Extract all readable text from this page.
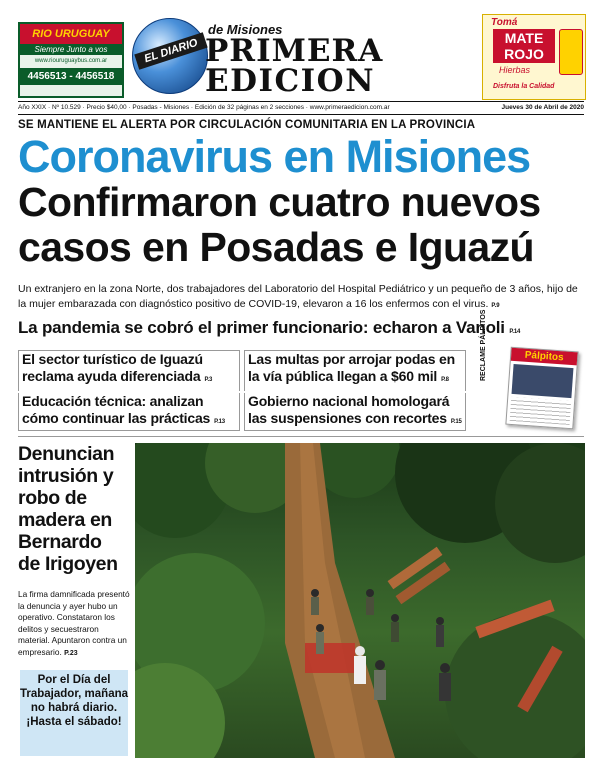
RIO URUGUAY
Siempre Junto a vos
www.riouruguaybus.com.ar
4456513 - 4456518
EL DIARIO
de Misiones
PRIMERA
EDICION
Tomá
MATE ROJO
Hierbas
Disfruta la Calidad
Año XXIX · Nº 10.529 · Precio $40,00 · Posadas - Misiones · Edición de 32 páginas en 2 secciones · www.primeraedicion.com.ar	Jueves 30 de Abril de 2020
SE MANTIENE EL ALERTA POR CIRCULACIÓN COMUNITARIA EN LA PROVINCIA
Coronavirus en Misiones
Confirmaron cuatro nuevos casos en Posadas e Iguazú
Un extranjero en la zona Norte, dos trabajadores del Laboratorio del Hospital Pediátrico y un pequeño de 3 años, hijo de la mujer embarazada con diagnóstico positivo de COVID-19, elevaron a 16 los enfermos con el virus. P.9
La pandemia se cobró el primer funcionario: echaron a Vanoli P.14
El sector turístico de Iguazú reclama ayuda diferenciada P.3
Las multas por arrojar podas en la vía pública llegan a $60 mil P.8
Educación técnica: analizan cómo continuar las prácticas P.13
Gobierno nacional homologará las suspensiones con recortes P.15
RECLAME PÁLPITOS	Pálpitos
Denuncian intrusión y robo de madera en Bernardo de Irigoyen
La firma damnificada presentó la denuncia y ayer hubo un operativo. Constataron los delitos y secuestraron material. Apuntaron contra un empresario. P.23
Por el Día del Trabajador, mañana no habrá diario. ¡Hasta el sábado!
